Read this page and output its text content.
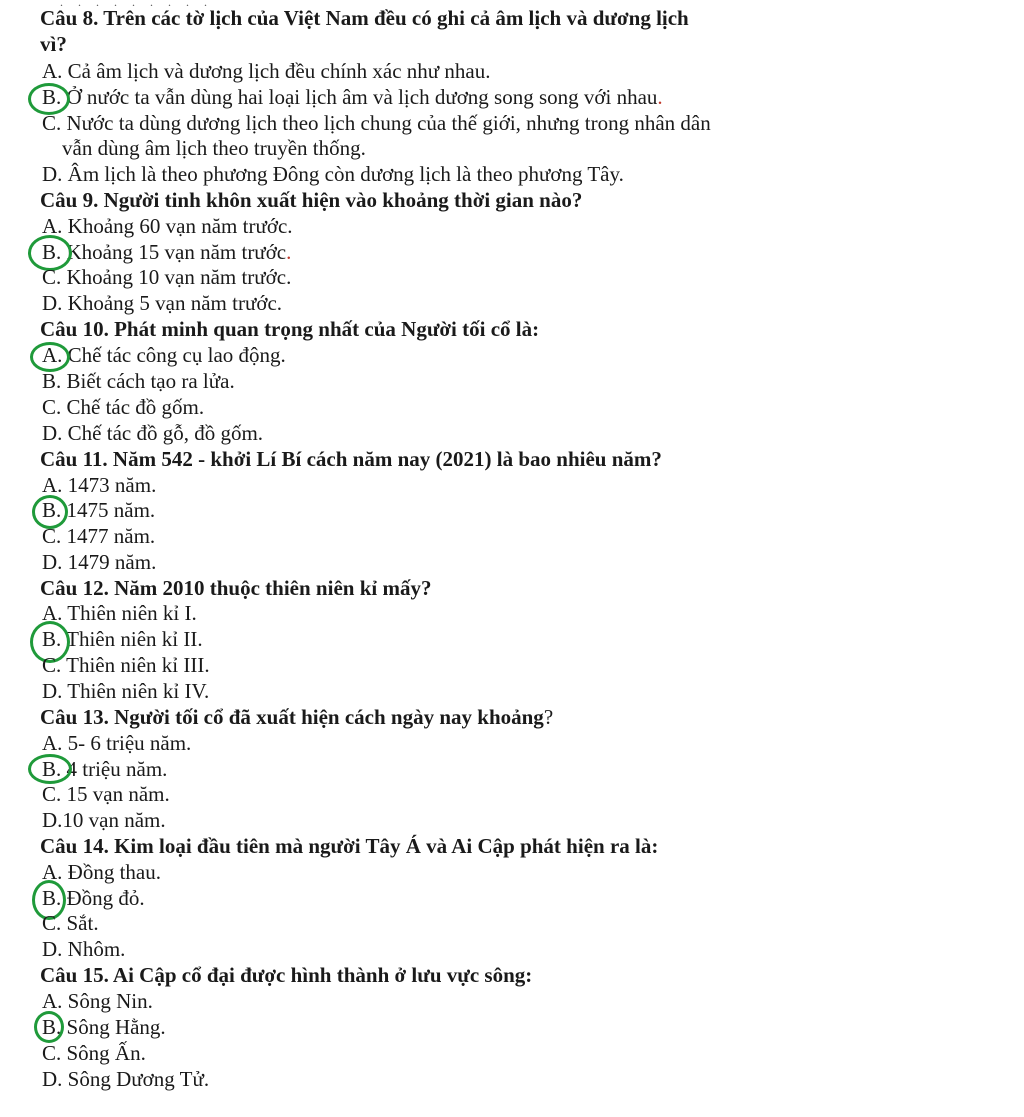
. . . . . . . . .
Câu 8. Trên các tờ lịch của Việt Nam đều có ghi cả âm lịch và dương lịch
vì?
A. Cả âm lịch và dương lịch đều chính xác như nhau.
B. Ở nước ta vẫn dùng hai loại lịch âm và lịch dương song song với nhau.
C. Nước ta dùng dương lịch theo lịch chung của thế giới, nhưng trong nhân dân
vẫn dùng âm lịch theo truyền thống.
D. Âm lịch là theo phương Đông còn dương lịch là theo phương Tây.
Câu 9. Người tinh khôn xuất hiện vào khoảng thời gian nào?
A. Khoảng 60 vạn năm trước.
B. Khoảng 15 vạn năm trước.
C. Khoảng 10 vạn năm trước.
D. Khoảng 5 vạn năm trước.
Câu 10. Phát minh quan trọng nhất của Người tối cổ là:
A. Chế tác công cụ lao động.
B. Biết cách tạo ra lửa.
C. Chế tác đồ gốm.
D. Chế tác đồ gỗ, đồ gốm.
Câu 11. Năm 542 - khởi Lí Bí cách năm nay (2021) là bao nhiêu năm?
A. 1473 năm.
B. 1475 năm.
C. 1477 năm.
D. 1479 năm.
Câu 12. Năm 2010 thuộc thiên niên kỉ mấy?
A. Thiên niên kỉ I.
B. Thiên niên kỉ II.
C. Thiên niên kỉ III.
D. Thiên niên kỉ IV.
Câu 13. Người tối cổ đã xuất hiện cách ngày nay khoảng?
A. 5- 6 triệu năm.
B. 4 triệu năm.
C. 15 vạn năm.
D.10 vạn năm.
Câu 14. Kim loại đầu tiên mà người Tây Á và Ai Cập phát hiện ra là:
A. Đồng thau.
B. Đồng đỏ.
C. Sắt.
D. Nhôm.
Câu 15. Ai Cập cổ đại được hình thành ở lưu vực sông:
A. Sông Nin.
B. Sông Hằng.
C. Sông Ấn.
D. Sông Dương Tử.
